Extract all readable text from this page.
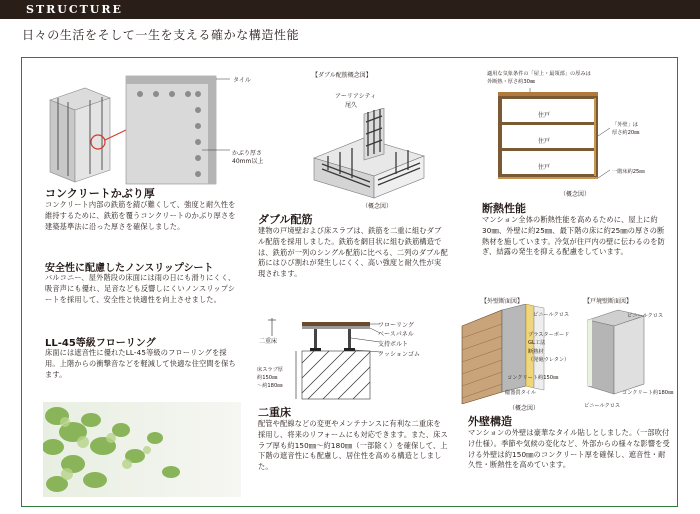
STRUCTURE
日々の生活をそして一生を支える確かな構造性能
タイル
かぶり厚さ
40mm以上
コンクリートかぶり厚
コンクリート内部の鉄筋を錆び難くして、強度と耐久性を維持するために、鉄筋を覆うコンクリートのかぶり厚さを建築基準法に沿った厚さを確保しました。
安全性に配慮したノンスリップシート
バルコニー、屋外階段の床面には雨の日にも滑りにくく、吸音声にも優れ、足音なども反響しにくいノンスリップシートを採用して、安全性と快適性を向上させました。
LL-45等級フローリング
床面には遮音性に優れたLL-45等級のフローリングを採用。上階からの衝撃音などを軽減して快適な住空間を保ちます。
【ダブル配筋概念図】
アーリアシティ
尾久
（概念図）
ダブル配筋
建物の戸境壁および床スラブは、鉄筋を二重に組むダブル配筋を採用しました。鉄筋を網目状に組む鉄筋構造では、鉄筋が一列のシングル配筋に比べる、二列のダブル配筋にはひび割れが発生しにくく、高い強度と耐久性が実現されます。
フローリング
ベースパネル
支持ボルト
クッションゴム
二重床
床スラブ厚
約150㎜
～約180㎜
二重床
配管や配線などの変更やメンテナンスに有利な二重床を採用し、将来のリフォームにも対応できます。また、床スラブ厚も約150㎜～約180㎜（一部除く）を確保して、上下階の遮音性にも配慮し、居住性を高める構造としました。
適用な気象条件の「屋上・最領部」の厚みは
外断熱・厚さ約30㎜
住戸
住戸
住戸
「外壁」は
厚さ約20㎜
一階床約25㎜
（概念図）
断熱性能
マンション全体の断熱性能を高めるために、屋上に約30㎜、外壁に約25㎜、最下階の床に約25㎜の厚さの断熱材を施しています。冷気が住戸内の壁に伝わるのを防ぎ、結露の発生を抑える配慮をしています。
【外壁断面図】	【戸境壁断面図】
ビニールクロス
プラスターボード
GL工法
断熱材
（発砲ウレタン）
コンクリート約150㎜
磁器質タイル
ビニールクロス
コンクリート約180㎜
ビニールクロス
（概念図）
外壁構造
マンションの外壁は豪華なタイル貼しとしました。（一部吹付け仕様）。季節や気候の変化など、外部からの様々な影響を受ける外壁は約150㎜のコンクリート厚を確保し、遮音性・耐久性・断熱性を高めています。
